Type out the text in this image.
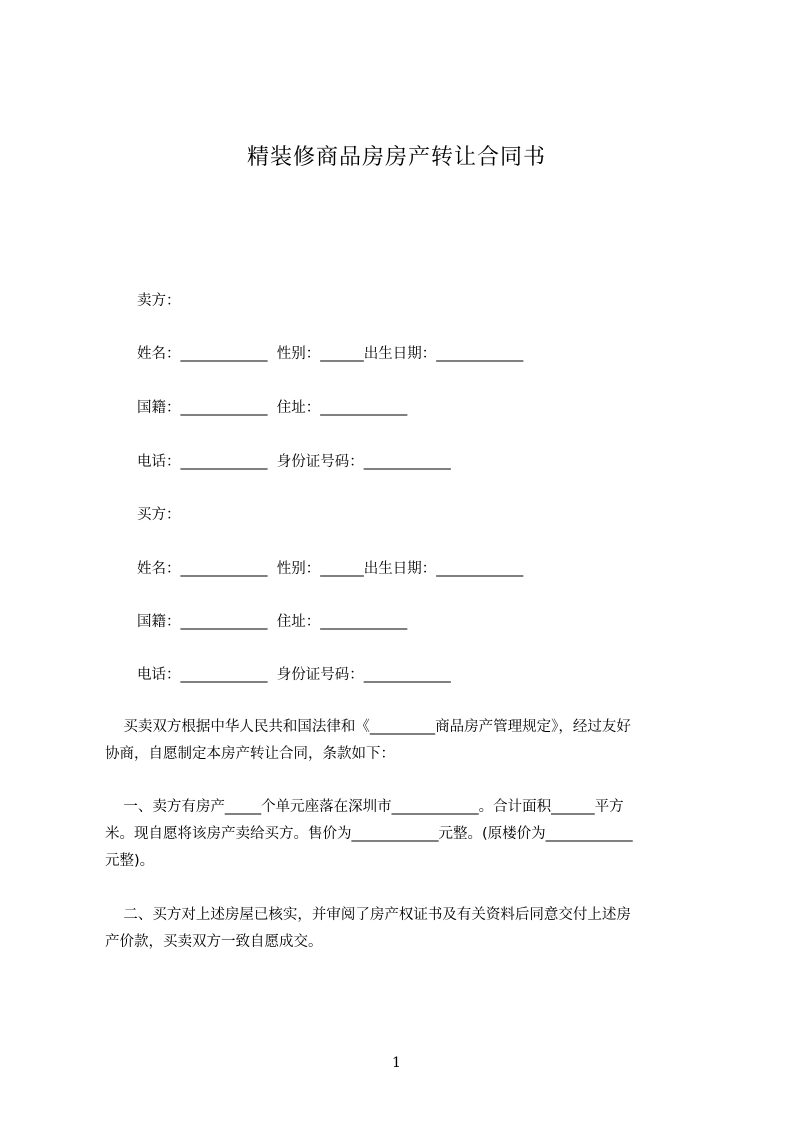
精装修商品房房产转让合同书
卖方：
姓名：____________  性别：______出生日期：____________
国籍：____________  住址：____________
电话：____________  身份证号码：____________
买方：
姓名：____________  性别：______出生日期：____________
国籍：____________  住址：____________
电话：____________  身份证号码：____________

买卖双方根据中华人民共和国法律和《_________商品房产管理规定》，经过友好

协商，自愿制定本房产转让合同，条款如下：

一、卖方有房产_____个单元座落在深圳市____________。合计面积______平方

米。现自愿将该房产卖给买方。售价为____________元整。(原楼价为____________

元整)。

二、买方对上述房屋已核实，并审阅了房产权证书及有关资料后同意交付上述房

产价款，买卖双方一致自愿成交。

1
